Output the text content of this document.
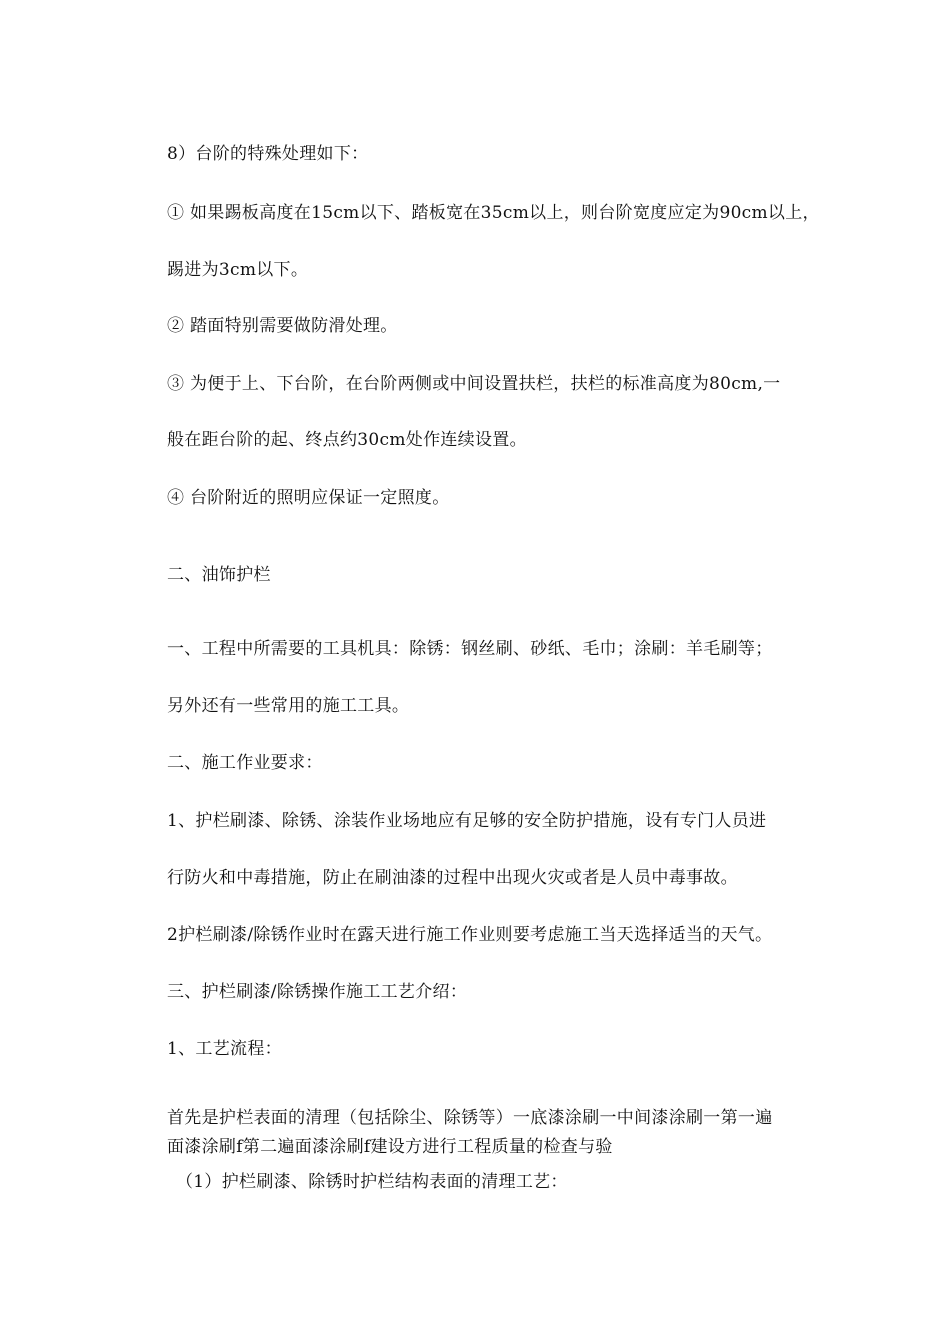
8）台阶的特殊处理如下：
① 如果踢板高度在15cm以下、踏板宽在35cm以上，则台阶宽度应定为90cm以上，
踢进为3cm以下。
② 踏面特别需要做防滑处理。
③ 为便于上、下台阶，在台阶两侧或中间设置扶栏，扶栏的标准高度为80cm,一
般在距台阶的起、终点约30cm处作连续设置。
④ 台阶附近的照明应保证一定照度。
二、油饰护栏
一、工程中所需要的工具机具：除锈：钢丝刷、砂纸、毛巾；涂刷：羊毛刷等；
另外还有一些常用的施工工具。
二、施工作业要求：
1、护栏刷漆、除锈、涂装作业场地应有足够的安全防护措施，设有专门人员进
行防火和中毒措施，防止在刷油漆的过程中出现火灾或者是人员中毒事故。
2护栏刷漆/除锈作业时在露天进行施工作业则要考虑施工当天选择适当的天气。
三、护栏刷漆/除锈操作施工工艺介绍：
1、工艺流程：
首先是护栏表面的清理（包括除尘、除锈等）一底漆涂刷一中间漆涂刷一第一遍
面漆涂刷f第二遍面漆涂刷f建设方进行工程质量的检查与验
（1）护栏刷漆、除锈时护栏结构表面的清理工艺：
